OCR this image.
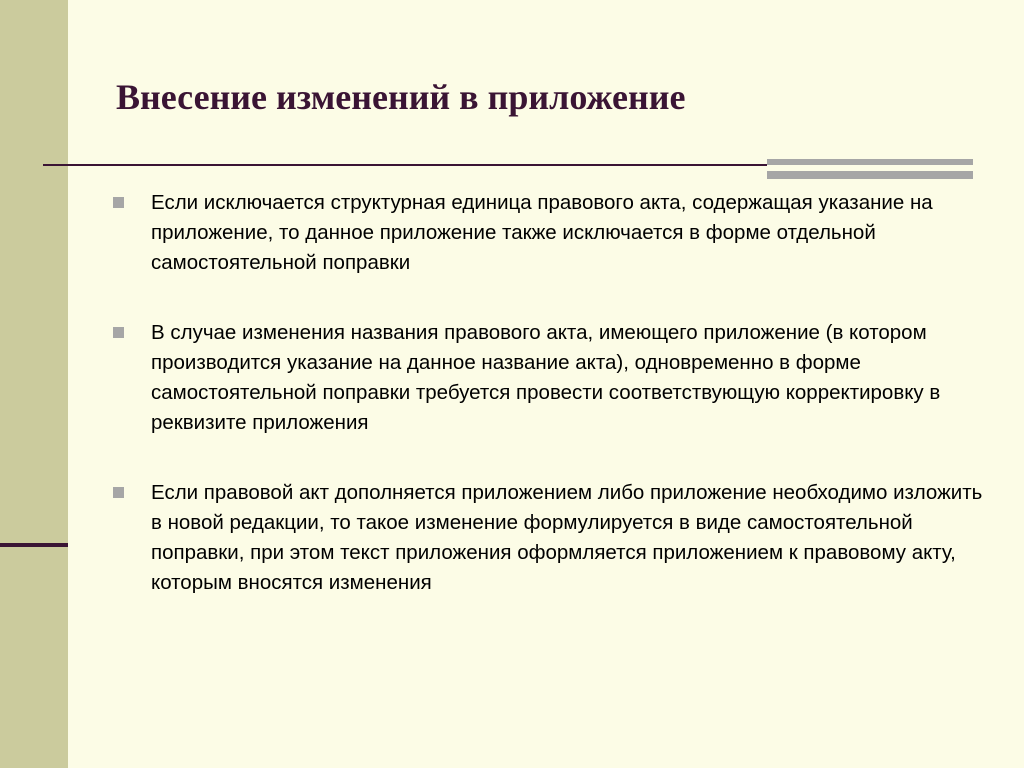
Внесение изменений в приложение
Если исключается структурная единица правового акта, содержащая указание на приложение, то данное приложение также исключается в форме отдельной самостоятельной поправки
В случае изменения названия правового акта, имеющего приложение (в котором производится указание на данное название акта), одновременно в форме самостоятельной поправки требуется провести соответствующую корректировку в реквизите приложения
Если правовой акт дополняется приложением либо приложение необходимо изложить в новой редакции, то такое изменение формулируется в виде самостоятельной поправки, при этом текст приложения оформляется приложением к правовому акту, которым вносятся изменения
